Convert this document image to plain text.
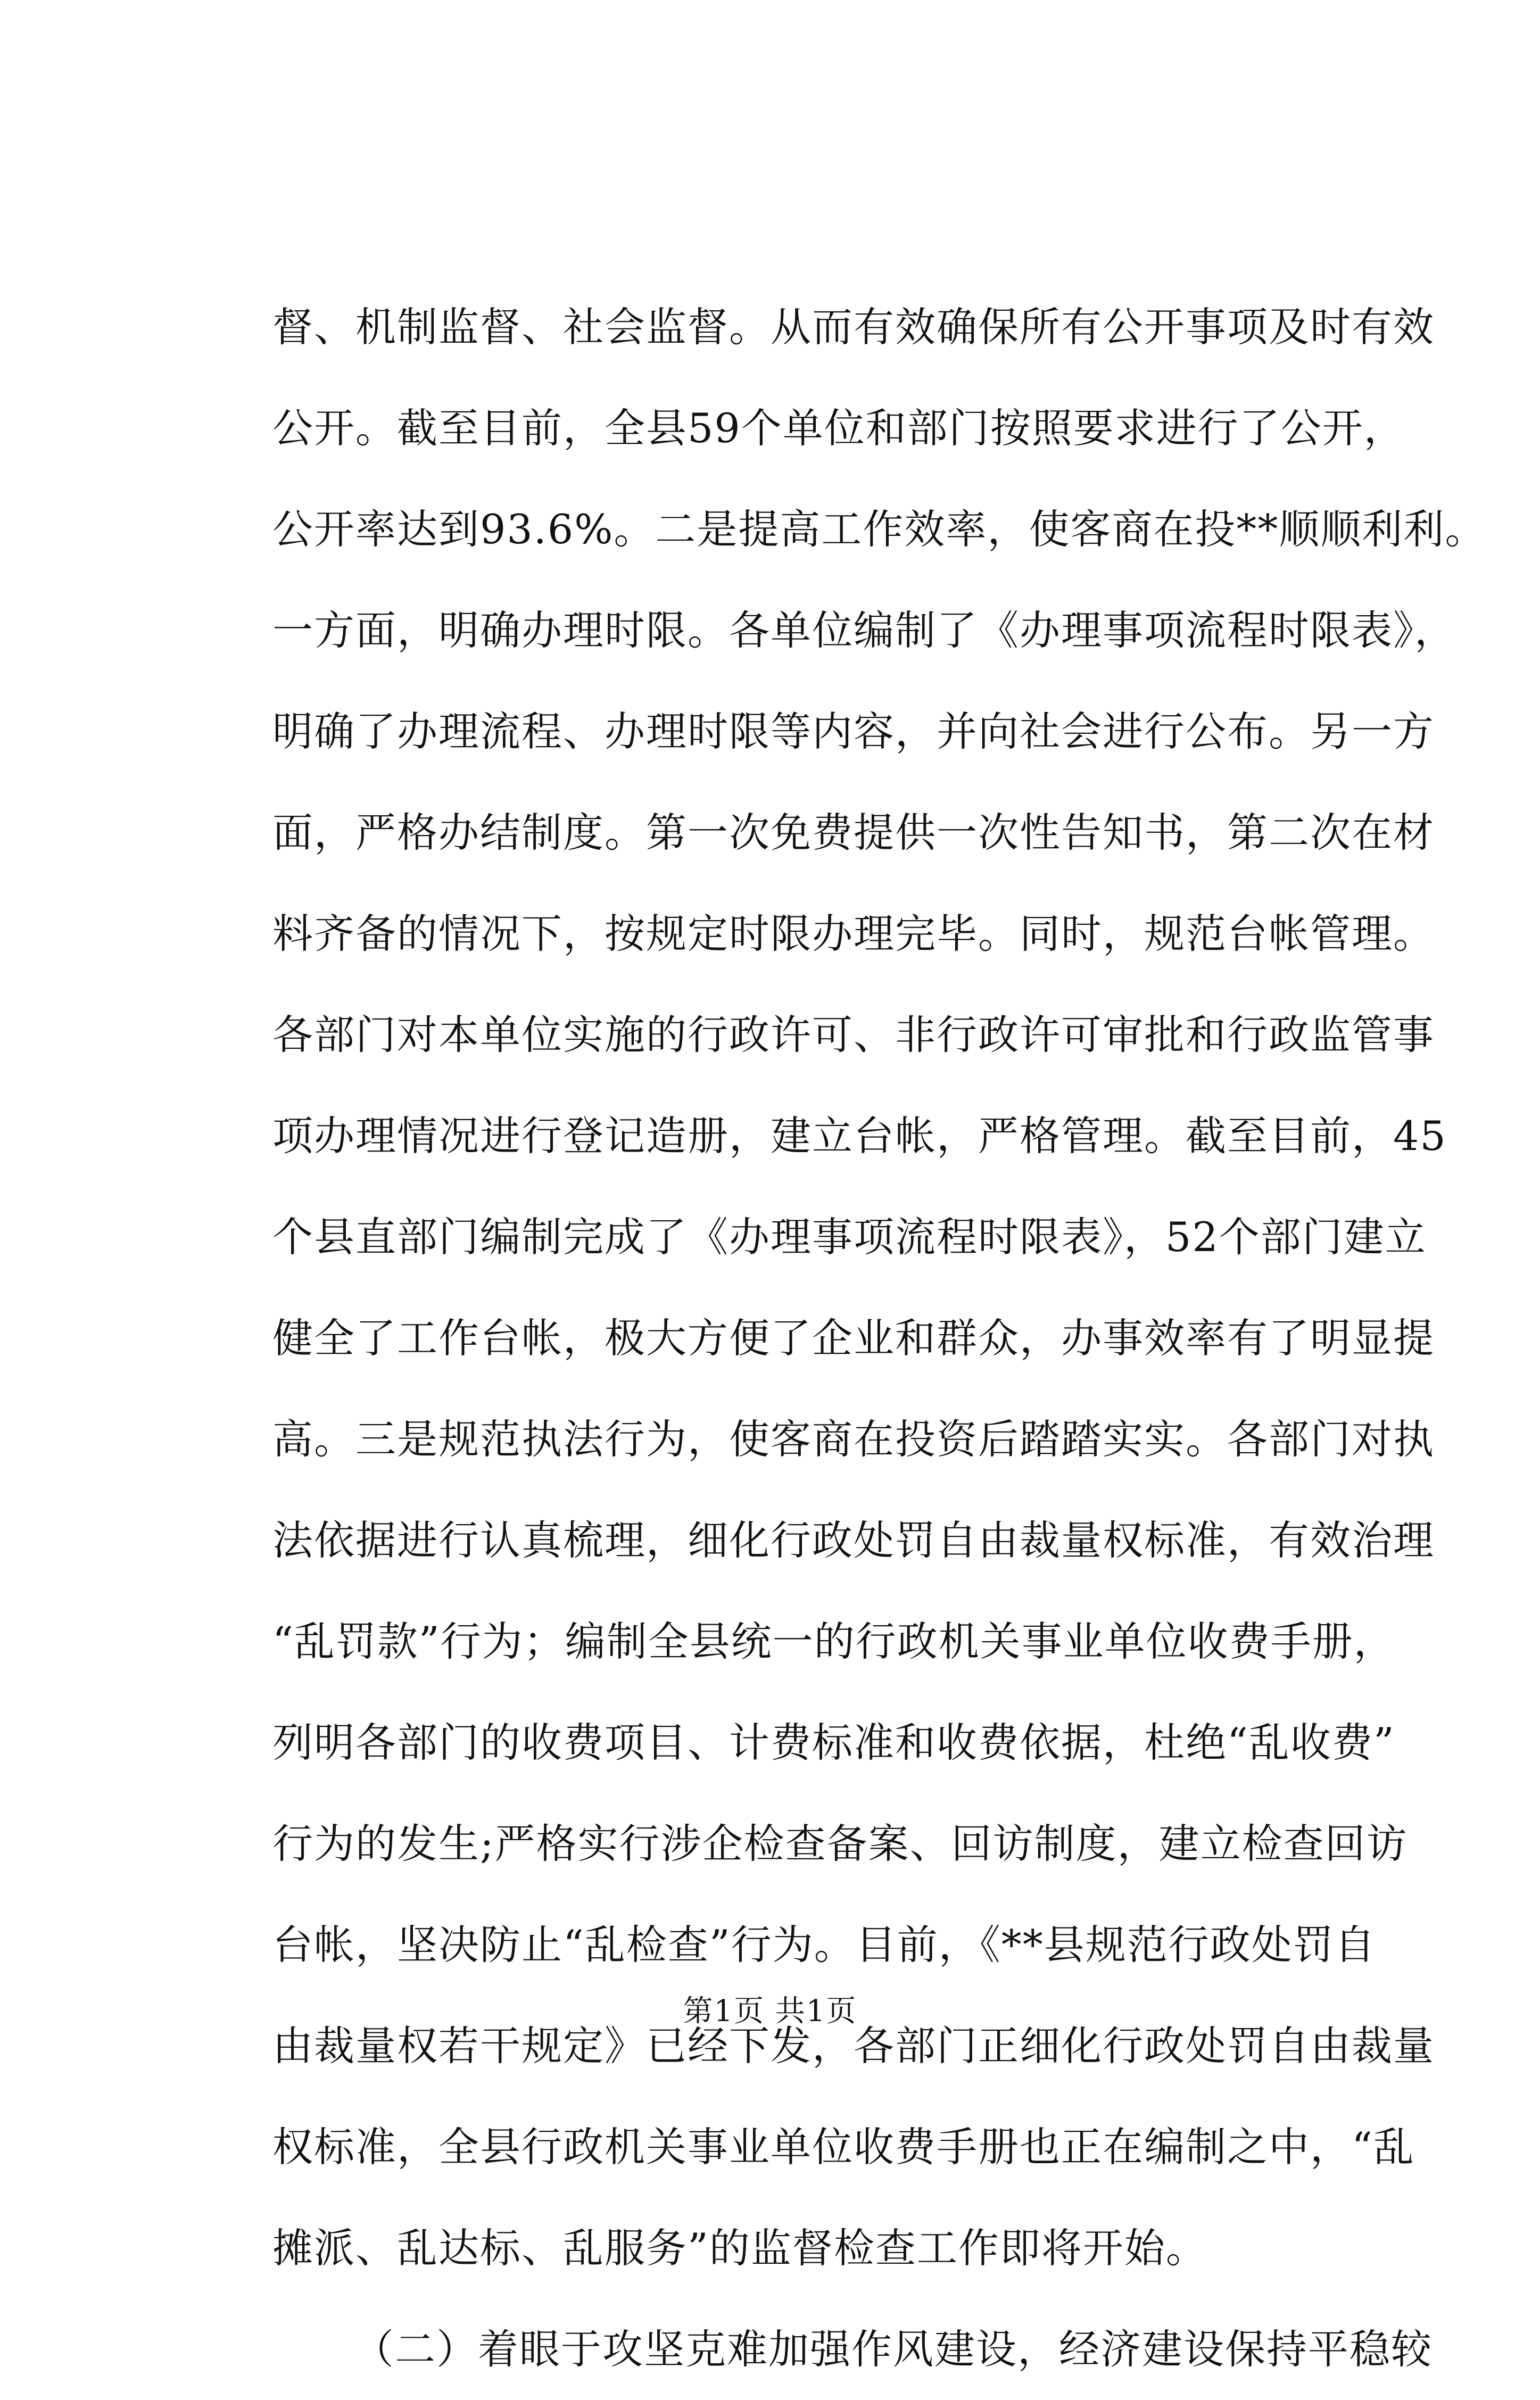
督、机制监督、社会监督。从而有效确保所有公开事项及时有效
公开。截至目前，全县59个单位和部门按照要求进行了公开，
公开率达到93.6%。二是提高工作效率，使客商在投**顺顺利利。
一方面，明确办理时限。各单位编制了《办理事项流程时限表》，
明确了办理流程、办理时限等内容，并向社会进行公布。另一方
面，严格办结制度。第一次免费提供一次性告知书，第二次在材
料齐备的情况下，按规定时限办理完毕。同时，规范台帐管理。
各部门对本单位实施的行政许可、非行政许可审批和行政监管事
项办理情况进行登记造册，建立台帐，严格管理。截至目前，45
个县直部门编制完成了《办理事项流程时限表》，52个部门建立
健全了工作台帐，极大方便了企业和群众，办事效率有了明显提
高。三是规范执法行为，使客商在投资后踏踏实实。各部门对执
法依据进行认真梳理，细化行政处罚自由裁量权标准，有效治理
“乱罚款”行为；编制全县统一的行政机关事业单位收费手册，
列明各部门的收费项目、计费标准和收费依据，杜绝“乱收费”
行为的发生;严格实行涉企检查备案、回访制度，建立检查回访
台帐，坚决防止“乱检查”行为。目前，《**县规范行政处罚自
由裁量权若干规定》已经下发，各部门正细化行政处罚自由裁量
权标准，全县行政机关事业单位收费手册也正在编制之中，“乱
摊派、乱达标、乱服务”的监督检查工作即将开始。
（二）着眼于攻坚克难加强作风建设，经济建设保持平稳较
第1页 共1页
